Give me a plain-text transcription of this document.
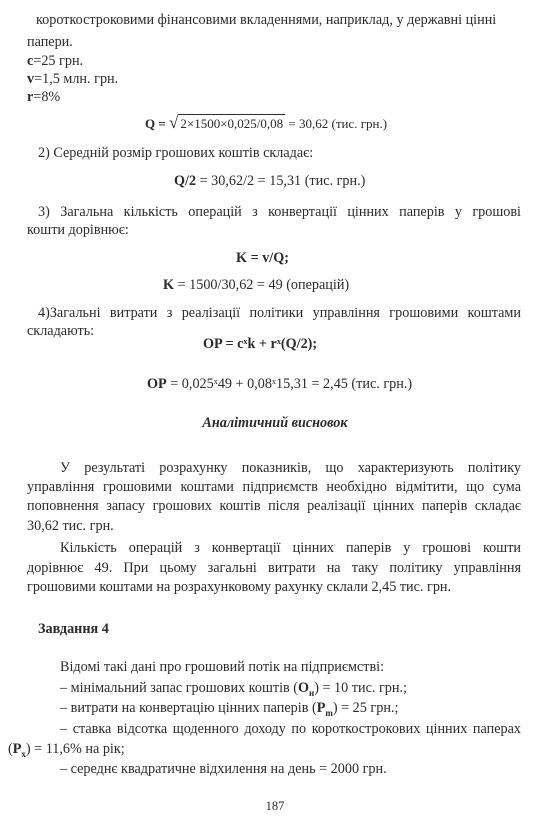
короткостроковими фінансовими вкладеннями, наприклад, у державні цінні
папери.
c=25 грн.
v=1,5 млн. грн.
r=8%
Q = √ 2×1500×0,025/0,08 = 30,62 (тис. грн.)
2) Середній розмір грошових коштів складає:
Q/2 = 30,62/2 = 15,31 (тис. грн.)
3) Загальна кількість операцій з конвертації цінних паперів у грошові
кошти дорівнює:
K = v/Q;
K = 1500/30,62 = 49 (операцій)
4)Загальні витрати з реалізації політики управління грошовими коштами
складають:
OP = cˣk + rˣ(Q/2);
OP = 0,025ˣ49 + 0,08ˣ15,31 = 2,45 (тис. грн.)
Аналітичний висновок
У результаті розрахунку показників, що характеризують політику
управління грошовими коштами підприємств необхідно відмітити, що сума
поповнення запасу грошових коштів після реалізації цінних паперів складає
30,62 тис. грн.
Кількість операцій з конвертації цінних паперів у грошові кошти
дорівнює 49. При цьому загальні витрати на таку політику управління
грошовими коштами на розрахунковому рахунку склали 2,45 тис. грн.
Завдання 4
Відомі такі дані про грошовий потік на підприємстві:
– мінімальний запас грошових коштів $(O_н) = 10$ тис. грн.;
– витрати на конвертацію цінних паперів $(P_m) = 25$ грн.;
– ставка відсотка щоденного доходу по короткострокових цінних паперах
$(P_x) = 11,6\%$ на рік;
– середнє квадратичне відхилення на день = 2000 грн.
187
